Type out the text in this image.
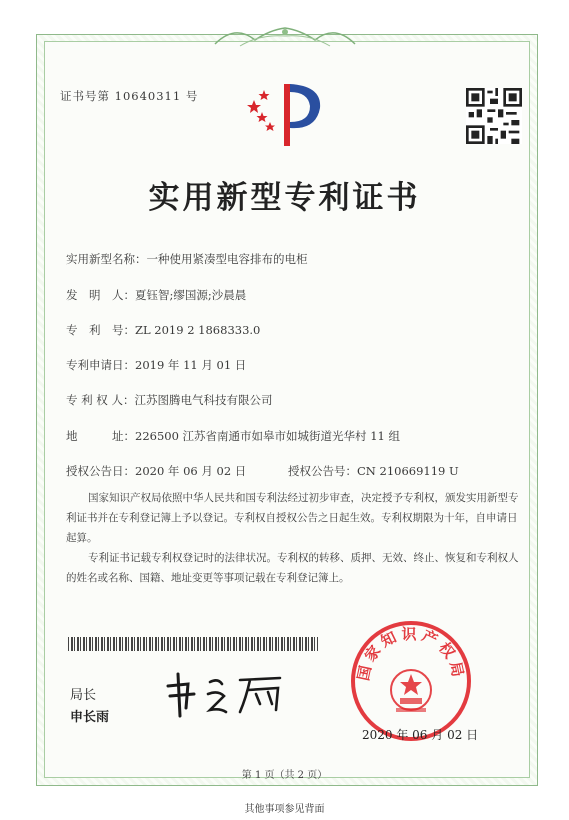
证书号第 10640311 号
实用新型专利证书
实用新型名称：一种使用紧凑型电容排布的电柜
发　明　人：夏钰智;缪国源;沙晨晨
专　利　号：ZL 2019 2 1868333.0
专利申请日：2019 年 11 月 01 日
专 利 权 人：江苏图腾电气科技有限公司
地　　　址：226500 江苏省南通市如皋市如城街道光华村 11 组
授权公告日：2020 年 06 月 02 日	授权公告号：CN 210669119 U
国家知识产权局依照中华人民共和国专利法经过初步审查，决定授予专利权，颁发实用新型专利证书并在专利登记簿上予以登记。专利权自授权公告之日起生效。专利权期限为十年，自申请日起算。
专利证书记载专利权登记时的法律状况。专利权的转移、质押、无效、终止、恢复和专利权人的姓名或名称、国籍、地址变更等事项记载在专利登记簿上。
局长
申长雨
申长雨	国家知识产权局
2020 年 06 月 02 日
第 1 页（共 2 页）
其他事项参见背面
